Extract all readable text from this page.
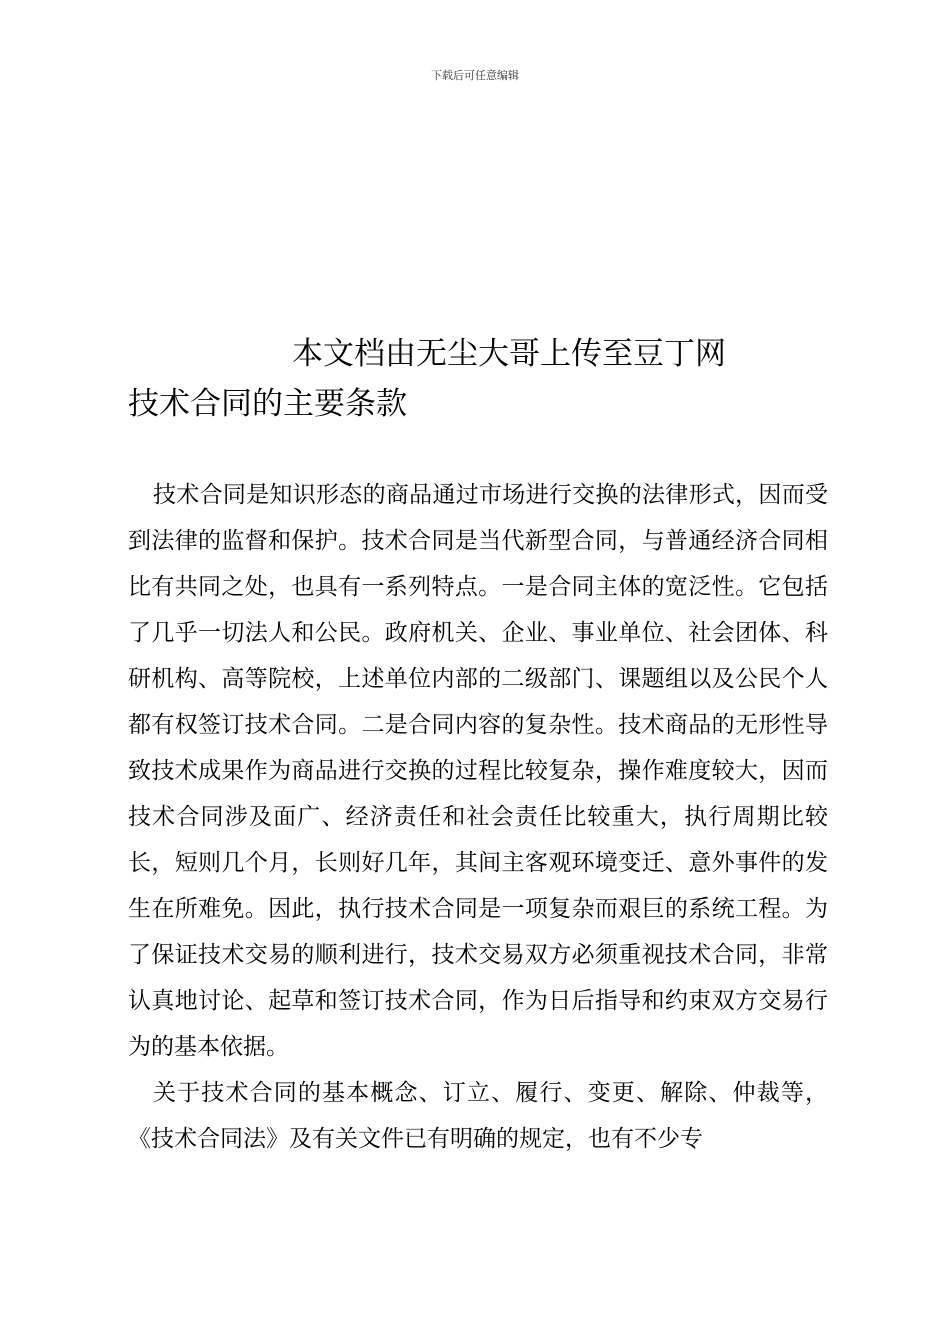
下载后可任意编辑
本文档由无尘大哥上传至豆丁网
技术合同的主要条款

技术合同是知识形态的商品通过市场进行交换的法律形式，因而受到法律的监督和保护。技术合同是当代新型合同，与普通经济合同相比有共同之处，也具有一系列特点。一是合同主体的宽泛性。它包括了几乎一切法人和公民。政府机关、企业、事业单位、社会团体、科研机构、高等院校，上述单位内部的二级部门、课题组以及公民个人都有权签订技术合同。二是合同内容的复杂性。技术商品的无形性导致技术成果作为商品进行交换的过程比较复杂，操作难度较大，因而技术合同涉及面广、经济责任和社会责任比较重大，执行周期比较长，短则几个月，长则好几年，其间主客观环境变迁、意外事件的发生在所难免。因此，执行技术合同是一项复杂而艰巨的系统工程。为了保证技术交易的顺利进行，技术交易双方必须重视技术合同，非常认真地讨论、起草和签订技术合同，作为日后指导和约束双方交易行为的基本依据。

关于技术合同的基本概念、订立、履行、变更、解除、仲裁等，《技术合同法》及有关文件已有明确的规定，也有不少专
